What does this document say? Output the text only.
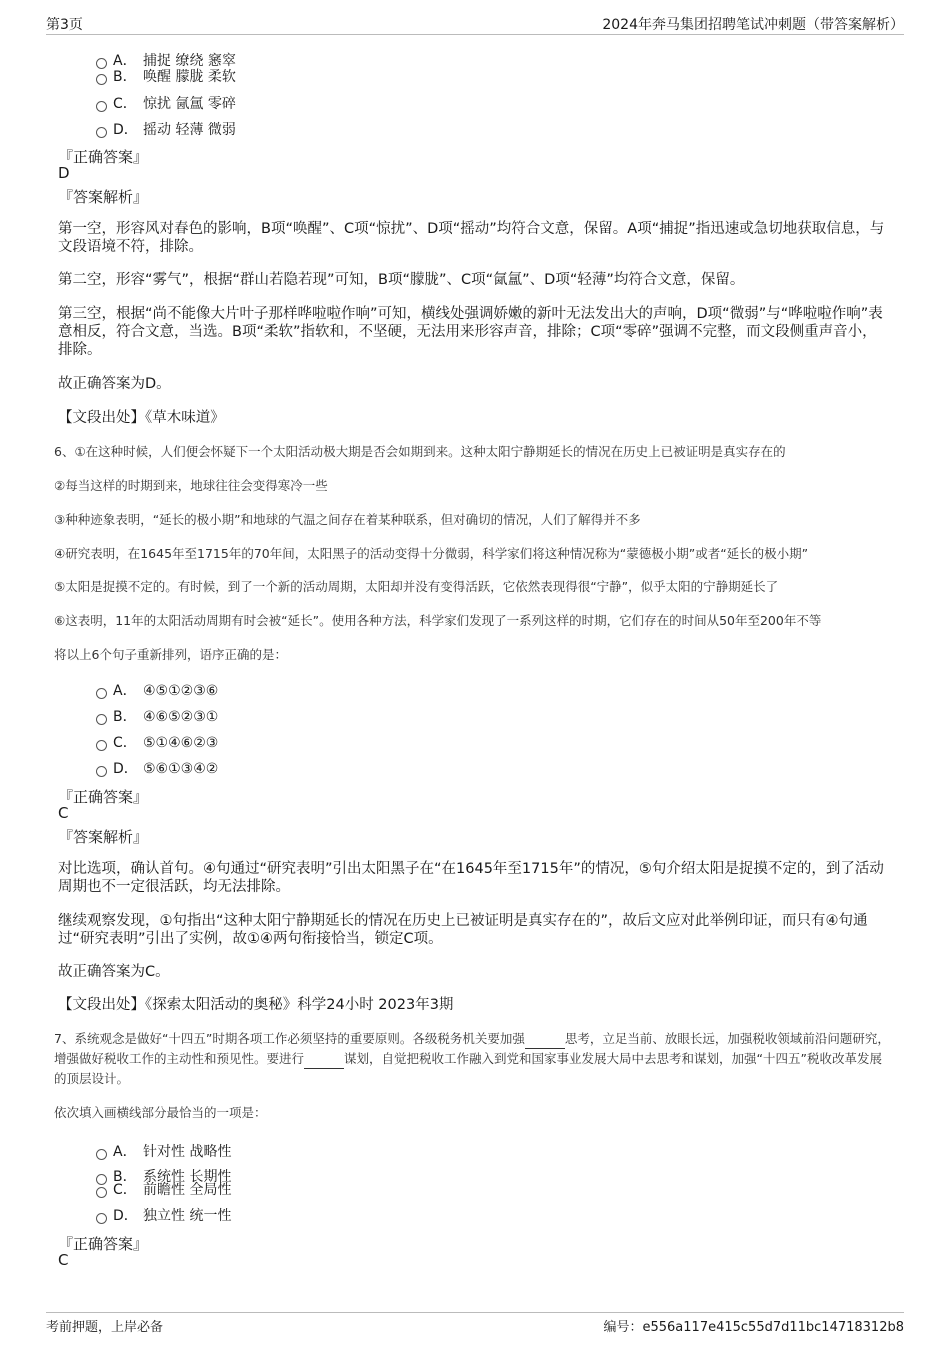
第3页	2024年奔马集团招聘笔试冲刺题（带答案解析）
A． 捕捉 缭绕 窸窣
B． 唤醒 朦胧 柔软
C． 惊扰 氤氲 零碎
D． 摇动 轻薄 微弱
『正确答案』
D
『答案解析』
第一空，形容风对春色的影响，B项“唤醒”、C项“惊扰”、D项“摇动”均符合文意，保留。A项“捕捉”指迅速或急切地获取信息，与文段语境不符，排除。
第二空，形容“雾气”，根据“群山若隐若现”可知，B项“朦胧”、C项“氤氲”、D项“轻薄”均符合文意，保留。
第三空，根据“尚不能像大片叶子那样哗啦啦作响”可知，横线处强调娇嫩的新叶无法发出大的声响，D项“微弱”与“哗啦啦作响”表意相反，符合文意，当选。B项“柔软”指软和，不坚硬，无法用来形容声音，排除；C项“零碎”强调不完整，而文段侧重声音小，排除。
故正确答案为D。
【文段出处】《草木味道》
6、①在这种时候，人们便会怀疑下一个太阳活动极大期是否会如期到来。这种太阳宁静期延长的情况在历史上已被证明是真实存在的
②每当这样的时期到来，地球往往会变得寒冷一些
③种种迹象表明，“延长的极小期”和地球的气温之间存在着某种联系，但对确切的情况，人们了解得并不多
④研究表明，在1645年至1715年的70年间，太阳黑子的活动变得十分微弱，科学家们将这种情况称为“蒙德极小期”或者“延长的极小期”
⑤太阳是捉摸不定的。有时候，到了一个新的活动周期，太阳却并没有变得活跃，它依然表现得很“宁静”，似乎太阳的宁静期延长了
⑥这表明，11年的太阳活动周期有时会被“延长”。使用各种方法，科学家们发现了一系列这样的时期，它们存在的时间从50年至200年不等
将以上6个句子重新排列，语序正确的是：
A． ④⑤①②③⑥
B． ④⑥⑤②③①
C． ⑤①④⑥②③
D． ⑤⑥①③④②
『正确答案』
C
『答案解析』
对比选项，确认首句。④句通过“研究表明”引出太阳黑子在“在1645年至1715年”的情况，⑤句介绍太阳是捉摸不定的，到了活动周期也不一定很活跃，均无法排除。
继续观察发现，①句指出“这种太阳宁静期延长的情况在历史上已被证明是真实存在的”，故后文应对此举例印证，而只有④句通过“研究表明”引出了实例，故①④两句衔接恰当，锁定C项。
故正确答案为C。
【文段出处】《探索太阳活动的奥秘》科学24小时 2023年3期
7、系统观念是做好“十四五”时期各项工作必须坚持的重要原则。各级税务机关要加强	思考，立足当前、放眼长远，加强税收领域前沿问题研究，增强做好税收工作的主动性和预见性。要进行	谋划，自觉把税收工作融入到党和国家事业发展大局中去思考和谋划，加强“十四五”税收改革发展的顶层设计。
依次填入画横线部分最恰当的一项是：
A． 针对性 战略性
B． 系统性 长期性
C． 前瞻性 全局性
D． 独立性 统一性
『正确答案』
C
考前押题，上岸必备	编号：e556a117e415c55d7d11bc14718312b8
